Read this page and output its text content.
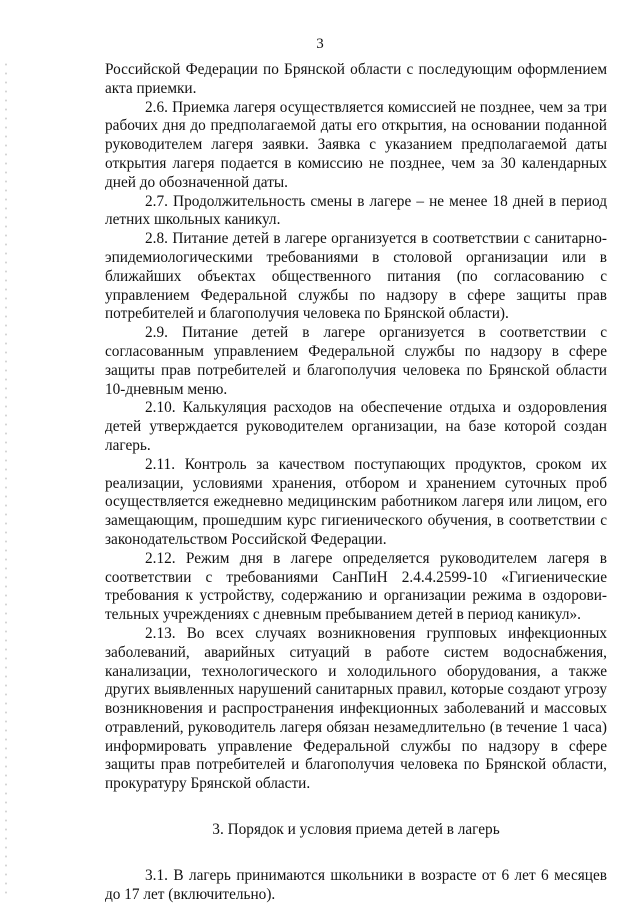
3

Российской Федерации по Брянской области с последующим оформлением акта приемки.

2.6. Приемка лагеря осуществляется комиссией не позднее, чем за три рабочих дня до предполагаемой даты его открытия, на основании поданной руководителем лагеря заявки. Заявка с указанием предполагаемой даты открытия лагеря подается в комиссию не позднее, чем за 30 календарных дней до обозначенной даты.

2.7. Продолжительность смены в лагере – не менее 18 дней в период летних школьных каникул.

2.8. Питание детей в лагере организуется в соответствии с санитарно-эпидемиологическими требованиями в столовой организации или в ближайших объектах общественного питания (по согласованию с управлением Федеральной службы по надзору в сфере защиты прав потребителей и благополучия человека по Брянской области).

2.9. Питание детей в лагере организуется в соответствии с согласованным управлением Федеральной службы по надзору в сфере защиты прав потребителей и благополучия человека по Брянской области 10-дневным меню.

2.10. Калькуляция расходов на обеспечение отдыха и оздоровления детей утверждается руководителем организации, на базе которой создан лагерь.

2.11. Контроль за качеством поступающих продуктов, сроком их реализации, условиями хранения, отбором и хранением суточных проб осуществляется ежедневно медицинским работником лагеря или лицом, его замещающим, прошедшим курс гигиенического обучения, в соответствии с законодательством Российской Федерации.

2.12. Режим дня в лагере определяется руководителем лагеря в соответствии с требованиями СанПиН 2.4.4.2599-10 «Гигиенические требования к устройству, содержанию и организации режима в оздорови-тельных учреждениях с дневным пребыванием детей в период каникул».

2.13. Во всех случаях возникновения групповых инфекционных заболеваний, аварийных ситуаций в работе систем водоснабжения, канализации, технологического и холодильного оборудования, а также других выявленных нарушений санитарных правил, которые создают угрозу возникновения и распространения инфекционных заболеваний и массовых отравлений, руководитель лагеря обязан незамедлительно (в течение 1 часа) информировать управление Федеральной службы по надзору в сфере защиты прав потребителей и благополучия человека по Брянской области, прокуратуру Брянской области.

3. Порядок и условия приема детей в лагерь

3.1. В лагерь принимаются школьники в возрасте от 6 лет 6 месяцев до 17 лет (включительно).
